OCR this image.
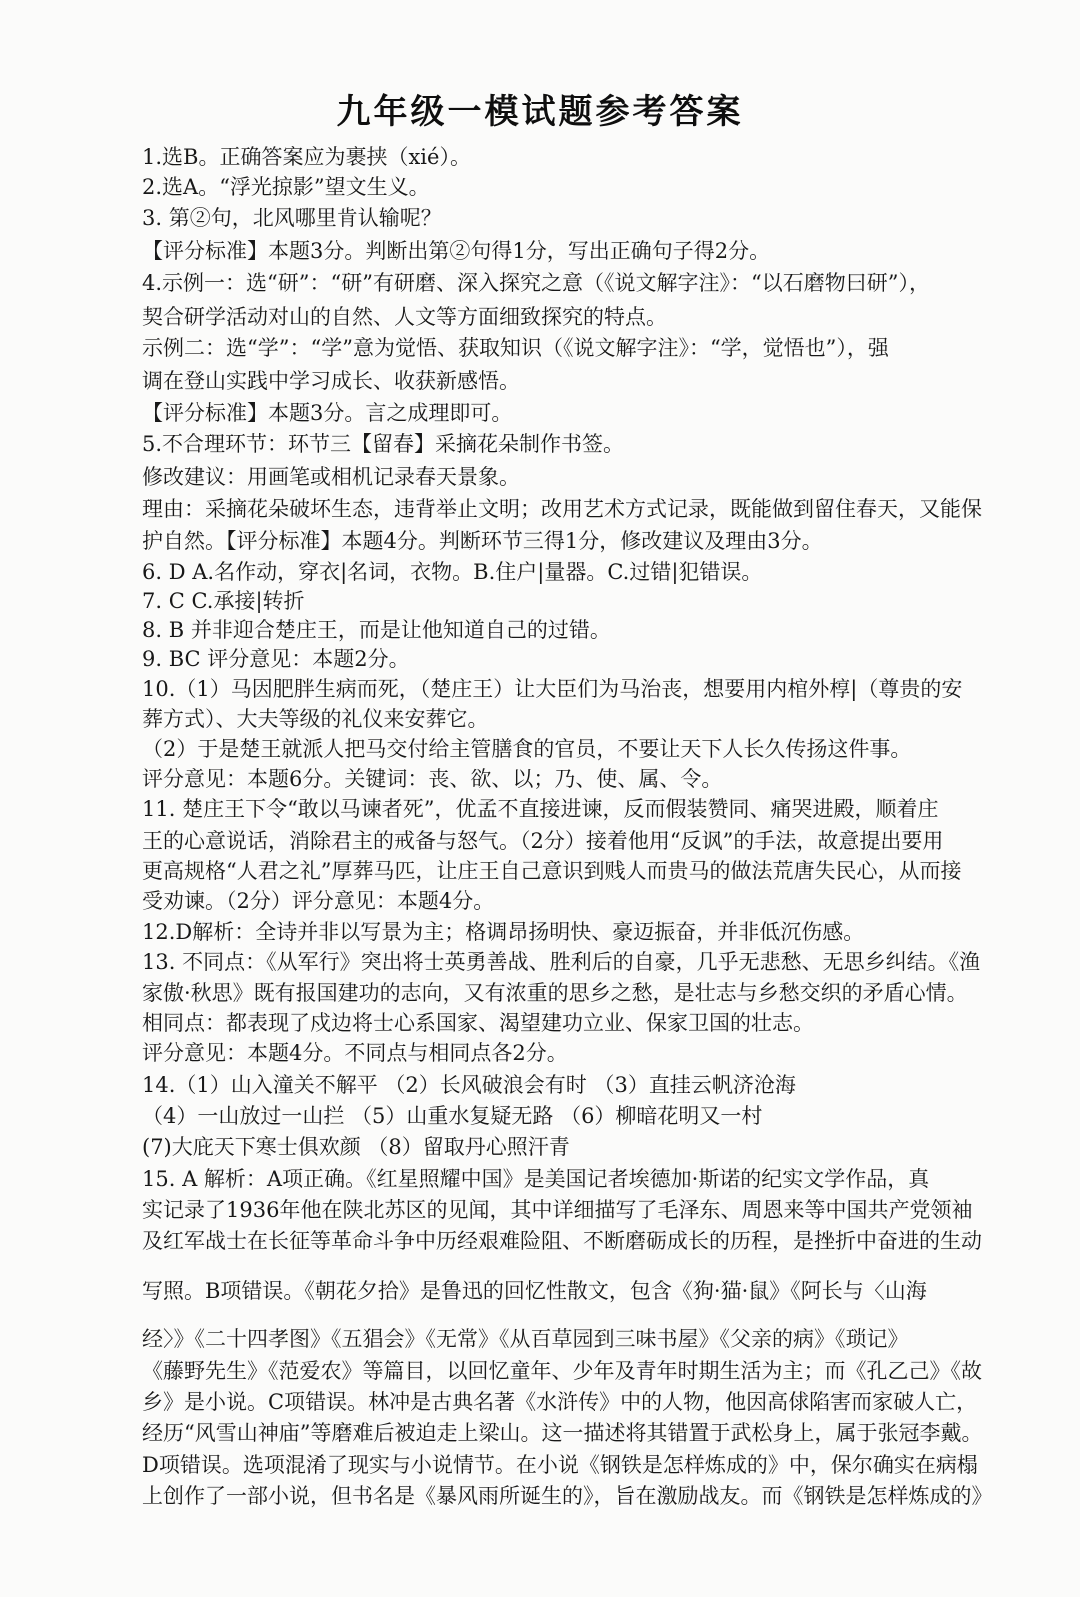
九年级一模试题参考答案
1.选B。正确答案应为裹挟（xié）。
2.选A。“浮光掠影”望文生义。
3. 第②句，北风哪里肯认输呢？
【评分标准】本题3分。判断出第②句得1分，写出正确句子得2分。
4.示例一：选“研”：“研”有研磨、深入探究之意（《说文解字注》：“以石磨物曰研”），
契合研学活动对山的自然、人文等方面细致探究的特点。
示例二：选“学”：“学”意为觉悟、获取知识（《说文解字注》：“学，觉悟也”），强
调在登山实践中学习成长、收获新感悟。
【评分标准】本题3分。言之成理即可。
5.不合理环节：环节三【留春】采摘花朵制作书签。
修改建议：用画笔或相机记录春天景象。
理由：采摘花朵破坏生态，违背举止文明；改用艺术方式记录，既能做到留住春天，又能保
护自然。【评分标准】本题4分。判断环节三得1分，修改建议及理由3分。
6. D A.名作动，穿衣|名词，衣物。B.住户|量器。C.过错|犯错误。
7. C C.承接|转折
8. B 并非迎合楚庄王，而是让他知道自己的过错。
9. BC 评分意见：本题2分。
10.（1）马因肥胖生病而死，（楚庄王）让大臣们为马治丧，想要用内棺外椁|（尊贵的安
葬方式）、大夫等级的礼仪来安葬它。
（2）于是楚王就派人把马交付给主管膳食的官员，不要让天下人长久传扬这件事。
评分意见：本题6分。关键词：丧、欲、以；乃、使、属、令。
11. 楚庄王下令“敢以马谏者死”，优孟不直接进谏，反而假装赞同、痛哭进殿，顺着庄
王的心意说话，消除君主的戒备与怒气。（2分）接着他用“反讽”的手法，故意提出要用
更高规格“人君之礼”厚葬马匹，让庄王自己意识到贱人而贵马的做法荒唐失民心，从而接
受劝谏。（2分）评分意见：本题4分。
12.D解析：全诗并非以写景为主；格调昂扬明快、豪迈振奋，并非低沉伤感。
13. 不同点：《从军行》突出将士英勇善战、胜利后的自豪，几乎无悲愁、无思乡纠结。《渔
家傲·秋思》既有报国建功的志向，又有浓重的思乡之愁，是壮志与乡愁交织的矛盾心情。
相同点：都表现了戍边将士心系国家、渴望建功立业、保家卫国的壮志。
评分意见：本题4分。不同点与相同点各2分。
14.（1）山入潼关不解平 （2）长风破浪会有时 （3）直挂云帆济沧海
（4）一山放过一山拦 （5）山重水复疑无路 （6）柳暗花明又一村
(7)大庇天下寒士俱欢颜 （8）留取丹心照汗青
15. A 解析：A项正确。《红星照耀中国》是美国记者埃德加·斯诺的纪实文学作品，真
实记录了1936年他在陕北苏区的见闻，其中详细描写了毛泽东、周恩来等中国共产党领袖
及红军战士在长征等革命斗争中历经艰难险阻、不断磨砺成长的历程，是挫折中奋进的生动
写照。B项错误。《朝花夕拾》是鲁迅的回忆性散文，包含《狗·猫·鼠》《阿长与〈山海
经〉》《二十四孝图》《五猖会》《无常》《从百草园到三味书屋》《父亲的病》《琐记》
《藤野先生》《范爱农》等篇目，以回忆童年、少年及青年时期生活为主；而《孔乙己》《故
乡》是小说。C项错误。林冲是古典名著《水浒传》中的人物，他因高俅陷害而家破人亡，
经历“风雪山神庙”等磨难后被迫走上梁山。这一描述将其错置于武松身上，属于张冠李戴。
D项错误。选项混淆了现实与小说情节。在小说《钢铁是怎样炼成的》中，保尔确实在病榻
上创作了一部小说，但书名是《暴风雨所诞生的》，旨在激励战友。而《钢铁是怎样炼成的》
